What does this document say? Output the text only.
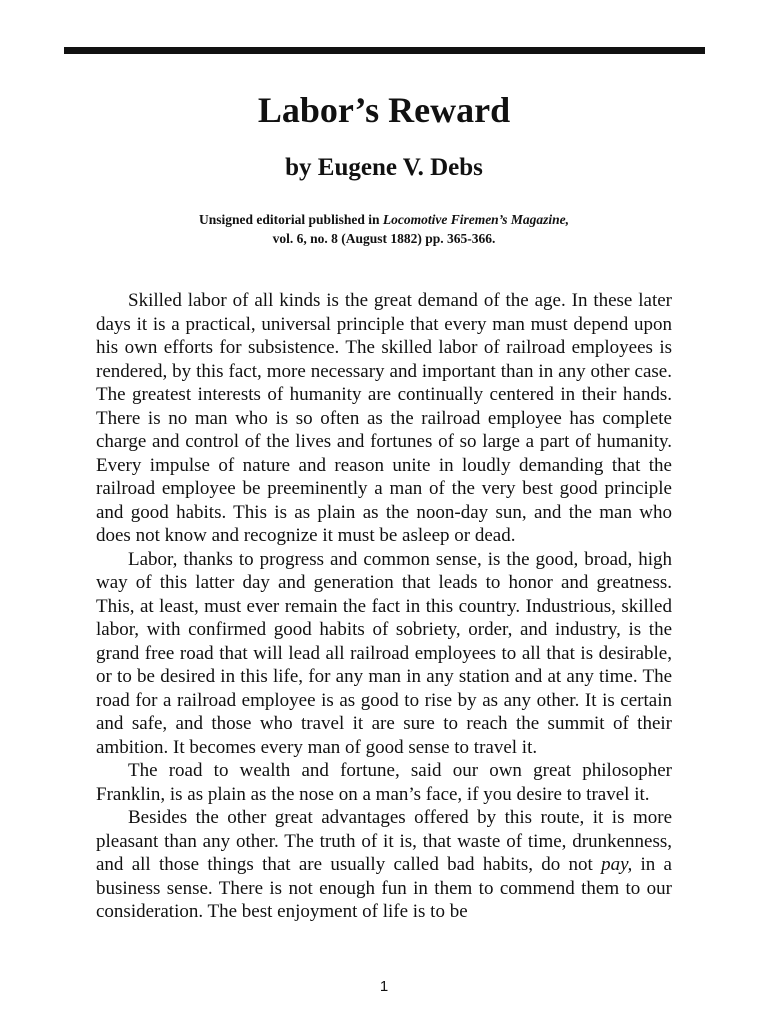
Labor’s Reward
by Eugene V. Debs
Unsigned editorial published in Locomotive Firemen’s Magazine,
vol. 6, no. 8 (August 1882) pp. 365-366.

Skilled labor of all kinds is the great demand of the age. In these later days it is a practical, universal principle that every man must depend upon his own efforts for subsistence. The skilled labor of railroad employees is rendered, by this fact, more necessary and important than in any other case. The greatest interests of humanity are continually centered in their hands. There is no man who is so often as the railroad employee has complete charge and control of the lives and fortunes of so large a part of humanity. Every impulse of nature and reason unite in loudly demanding that the railroad employee be preeminently a man of the very best good principle and good habits. This is as plain as the noon-day sun, and the man who does not know and recognize it must be asleep or dead.

Labor, thanks to progress and common sense, is the good, broad, high way of this latter day and generation that leads to honor and greatness. This, at least, must ever remain the fact in this country. Industrious, skilled labor, with confirmed good habits of sobriety, order, and industry, is the grand free road that will lead all railroad employees to all that is desirable, or to be desired in this life, for any man in any station and at any time. The road for a railroad employee is as good to rise by as any other. It is certain and safe, and those who travel it are sure to reach the summit of their ambition. It becomes every man of good sense to travel it.

The road to wealth and fortune, said our own great philosopher Franklin, is as plain as the nose on a man’s face, if you desire to travel it.

Besides the other great advantages offered by this route, it is more pleasant than any other. The truth of it is, that waste of time, drunkenness, and all those things that are usually called bad habits, do not pay, in a business sense. There is not enough fun in them to commend them to our consideration. The best enjoyment of life is to be

1
